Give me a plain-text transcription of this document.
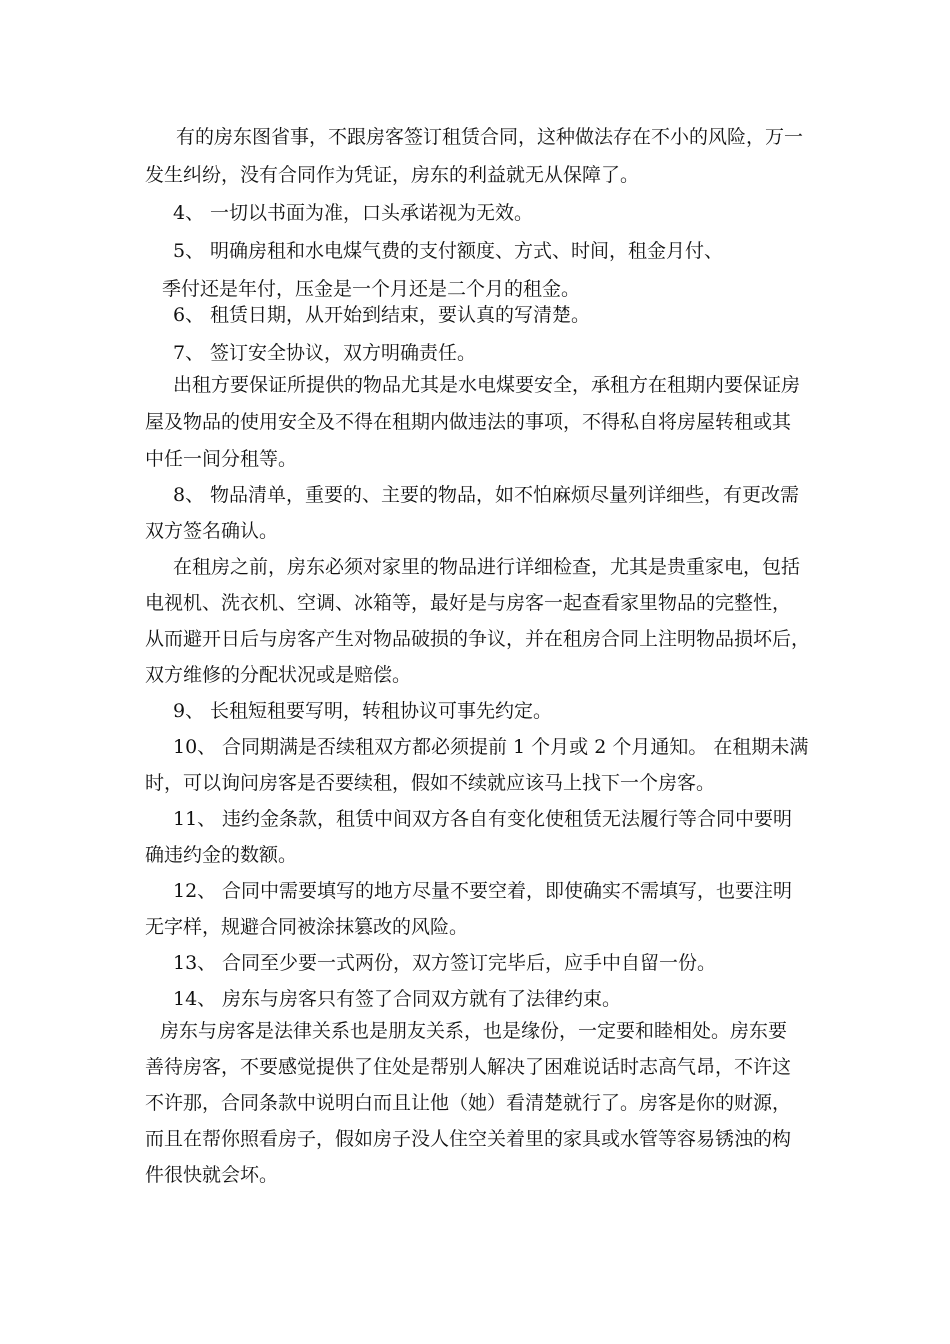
有的房东图省事，不跟房客签订租赁合同，这种做法存在不小的风险，万一

发生纠纷，没有合同作为凭证，房东的利益就无从保障了。

4、 一切以书面为准，口头承诺视为无效。

5、 明确房租和水电煤气费的支付额度、方式、时间，租金月付、

季付还是年付，压金是一个月还是二个月的租金。

6、 租赁日期，从开始到结束，要认真的写清楚。

7、 签订安全协议，双方明确责任。

出租方要保证所提供的物品尤其是水电煤要安全，承租方在租期内要保证房

屋及物品的使用安全及不得在租期内做违法的事项，不得私自将房屋转租或其

中任一间分租等。

8、 物品清单，重要的、主要的物品，如不怕麻烦尽量列详细些，有更改需

双方签名确认。

在租房之前，房东必须对家里的物品进行详细检查，尤其是贵重家电，包括

电视机、洗衣机、空调、冰箱等，最好是与房客一起查看家里物品的完整性，

从而避开日后与房客产生对物品破损的争议，并在租房合同上注明物品损坏后，

双方维修的分配状况或是赔偿。

9、 长租短租要写明，转租协议可事先约定。

10、 合同期满是否续租双方都必须提前 1 个月或 2 个月通知。 在租期未满

时，可以询问房客是否要续租，假如不续就应该马上找下一个房客。

11、 违约金条款，租赁中间双方各自有变化使租赁无法履行等合同中要明

确违约金的数额。

12、 合同中需要填写的地方尽量不要空着，即使确实不需填写，也要注明

无字样，规避合同被涂抹篡改的风险。

13、 合同至少要一式两份，双方签订完毕后，应手中自留一份。

14、 房东与房客只有签了合同双方就有了法律约束。

房东与房客是法律关系也是朋友关系，也是缘份，一定要和睦相处。房东要

善待房客，不要感觉提供了住处是帮别人解决了困难说话时志高气昂，不许这

不许那，合同条款中说明白而且让他（她）看清楚就行了。房客是你的财源，

而且在帮你照看房子，假如房子没人住空关着里的家具或水管等容易锈浊的构

件很快就会坏。
